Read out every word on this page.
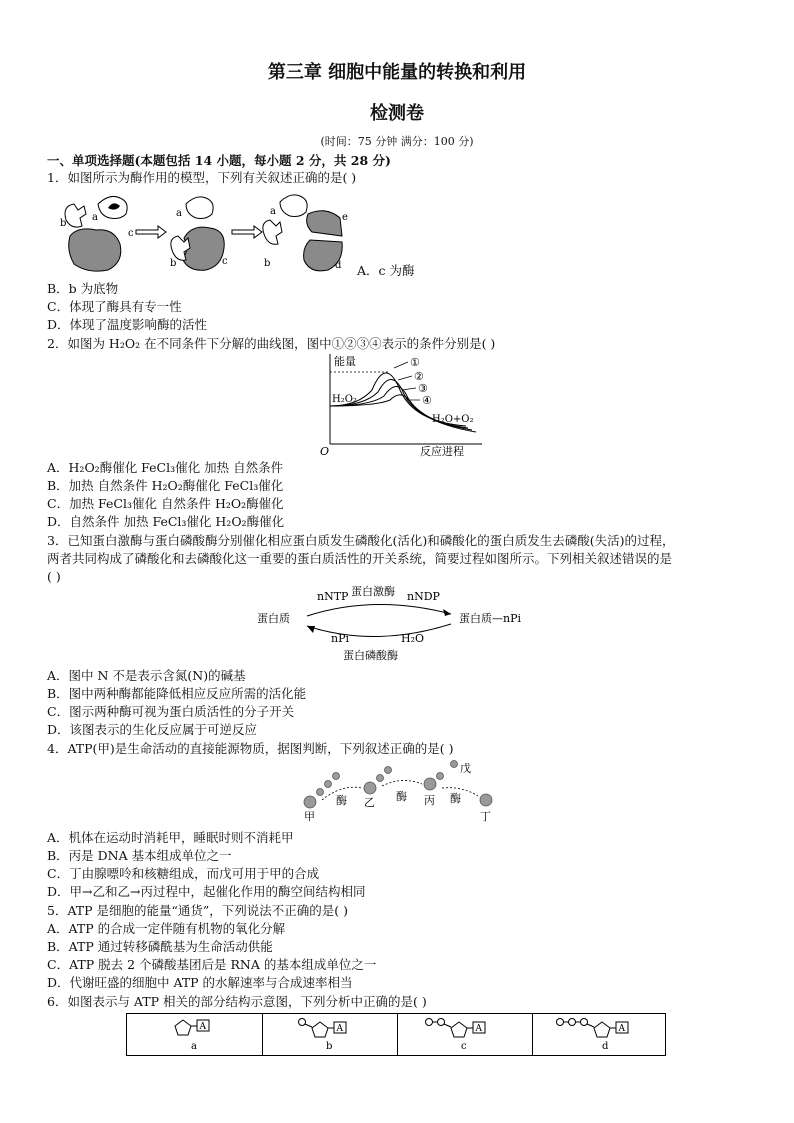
第三章 细胞中能量的转换和利用
检测卷
(时间：75 分钟 满分：100 分)
一、单项选择题(本题包括 14 小题，每小题 2 分，共 28 分)
1．如图所示为酶作用的模型，下列有关叙述正确的是( )
a
b
c
a
b	c
a
b
e
d A．c 为酶
B．b 为底物
C．体现了酶具有专一性
D．体现了温度影响酶的活性
2．如图为 H₂O₂ 在不同条件下分解的曲线图，图中①②③④表示的条件分别是( )
能量
反应进程
O
①
②
③
④
H₂O₂
H₂O+O₂
A．H₂O₂酶催化 FeCl₃催化 加热 自然条件
B．加热 自然条件 H₂O₂酶催化 FeCl₃催化
C．加热 FeCl₃催化 自然条件 H₂O₂酶催化
D．自然条件 加热 FeCl₃催化 H₂O₂酶催化
3．已知蛋白激酶与蛋白磷酸酶分别催化相应蛋白质发生磷酸化(活化)和磷酸化的蛋白质发生去磷酸(失活)的过程，
两者共同构成了磷酸化和去磷酸化这一重要的蛋白质活性的开关系统，简要过程如图所示。下列相关叙述错误的是
( )
蛋白质	蛋白质—nPi
蛋白激酶
nNTP	nNDP
nPi	H₂O
蛋白磷酸酶
A．图中 N 不是表示含氮(N)的碱基
B．图中两种酶都能降低相应反应所需的活化能
C．图示两种酶可视为蛋白质活性的分子开关
D．该图表示的生化反应属于可逆反应
4．ATP(甲)是生命活动的直接能源物质，据图判断，下列叙述正确的是( )
酶	酶
戊
酶
甲
乙	丙
丁
A．机体在运动时消耗甲，睡眠时则不消耗甲
B．丙是 DNA 基本组成单位之一
C．丁由腺嘌呤和核糖组成，而戊可用于甲的合成
D．甲→乙和乙→丙过程中，起催化作用的酶空间结构相同
5．ATP 是细胞的能量“通货”，下列说法不正确的是( )
A．ATP 的合成一定伴随有机物的氧化分解
B．ATP 通过转移磷酰基为生命活动供能
C．ATP 脱去 2 个磷酸基团后是 RNA 的基本组成单位之一
D．代谢旺盛的细胞中 ATP 的水解速率与合成速率相当
6．如图表示与 ATP 相关的部分结构示意图，下列分析中正确的是( )
A
a
A
b
A
c
A
d
